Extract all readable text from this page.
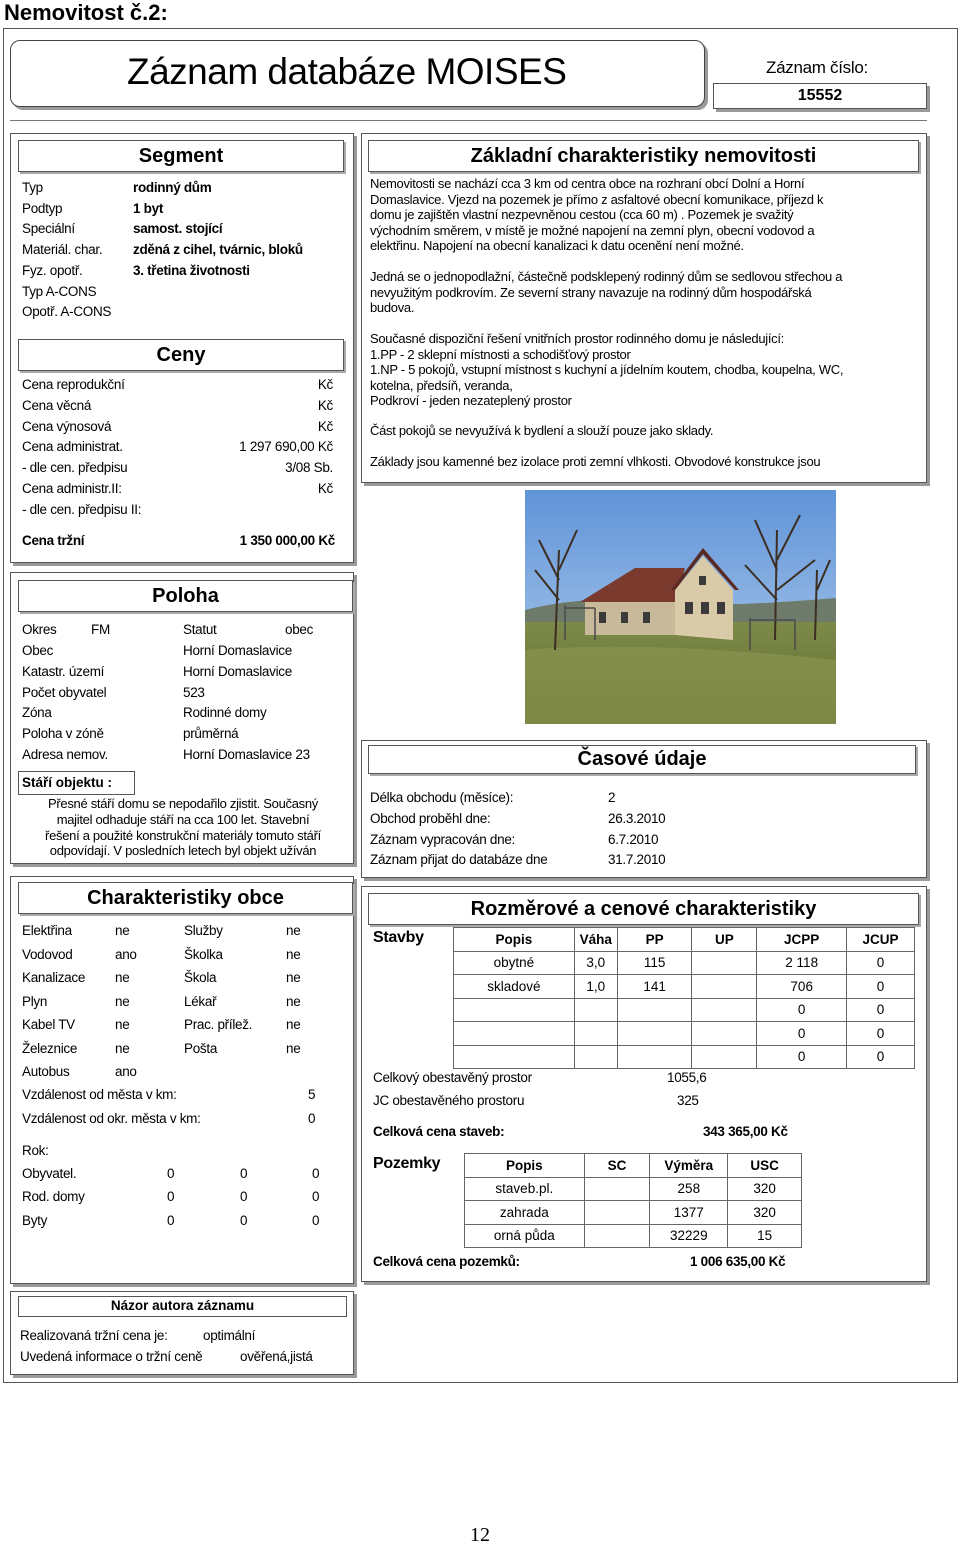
Nemovitost č.2:
Záznam databáze MOISES	Záznam číslo:
15552
Segment
Ceny
Cena tržní	1 350 000,00 Kč
Poloha
Okres	FM	Statut	obec
Stáří objektu :
Charakteristiky obce
Autobus	ano
Vzdálenost od města v km:	5
Vzdálenost od okr. města v km:	0
Rok:
Názor autora záznamu
Realizovaná tržní cena je:	optimální
Uvedená informace o tržní ceně	ověřená,jistá
Základní charakteristiky nemovitosti
Časové údaje
Rozměrové a cenové charakteristiky
Stavby	Popis	Váha	PP	UP	JCPP	JCUP
obytné	3,0	115		2 118	0
skladové	1,0	141		706	0
				0	0
				0	0
				0	0
Celkový obestavěný prostor	1055,6
JC obestavěného prostoru	325
Celková cena staveb:	343 365,00 Kč
Pozemky	Popis	SC	Výměra	USC
staveb.pl.		258	320
zahrada		1377	320
orná půda		32229	15
Celková cena pozemků:	1 006 635,00 Kč
12
Typ	rodinný dům
Podtyp	1 byt
Speciální	samost. stojící
Materiál. char. zděná z cihel, tvárnic, bloků
Fyz. opotř.	3. třetina životnosti
Typ A-CONS
Opotř. A-CONS
Cena reprodukční	Kč
Cena věcná	Kč
Cena výnosová	Kč
Cena administrat.	1 297 690,00 Kč
- dle cen. předpisu	3/08 Sb.
Cena administr.II:	Kč
- dle cen. předpisu II:
Obec	Horní Domaslavice
Katastr. území	Horní Domaslavice
Počet obyvatel	523
Zóna	Rodinné domy
Poloha v zóně	průměrná
Adresa nemov.	Horní Domaslavice 23
Přesné stáří domu se nepodařilo zjistit. Současný
majitel odhaduje stáří na cca 100 let. Stavební
řešení a použité konstrukční materiály tomuto stáří
odpovídají. V posledních letech byl objekt užíván
Nemovitosti se nachází cca 3 km od centra obce na rozhraní obcí Dolní a Horní
Domaslavice. Vjezd na pozemek je přímo z asfaltové obecní komunikace, příjezd k
domu je zajištěn vlastní nezpevněnou cestou (cca 60 m) . Pozemek je svažitý
východním směrem, v místě je možné napojení na zemní plyn, obecní vodovod a
elektřinu. Napojení na obecní kanalizaci k datu ocenění není možné.
Jedná se o jednopodlažní, částečně podsklepený rodinný dům se sedlovou střechou a
nevyužitým podkrovím. Ze severní strany navazuje na rodinný dům hospodářská
budova.
Současné dispoziční řešení vnitřních prostor rodinného domu je následující:
1.PP - 2 sklepní místnosti a schodišťový prostor
1.NP - 5 pokojů, vstupní místnost s kuchyní a jídelním koutem, chodba, koupelna, WC,
kotelna, předsíň, veranda,
Podkroví - jeden nezateplený prostor
Část pokojů se nevyužívá k bydlení a slouží pouze jako sklady.
Základy jsou kamenné bez izolace proti zemní vlhkosti. Obvodové konstrukce jsou
Délka obchodu (měsíce):	2
Obchod proběhl dne:	26.3.2010
Záznam vypracován dne:	6.7.2010
Záznam přijat do databáze dne	31.7.2010
Elektřina	ne	Služby	ne
Vodovod	ano	Školka	ne
Kanalizace ne	Škola	ne
Plyn	ne	Lékař	ne
Kabel TV	ne	Prac. přílež.	ne
Železnice	ne	Pošta	ne
Obyvatel.	0	0	0
Rod. domy	0	0	0
Byty	0	0	0
